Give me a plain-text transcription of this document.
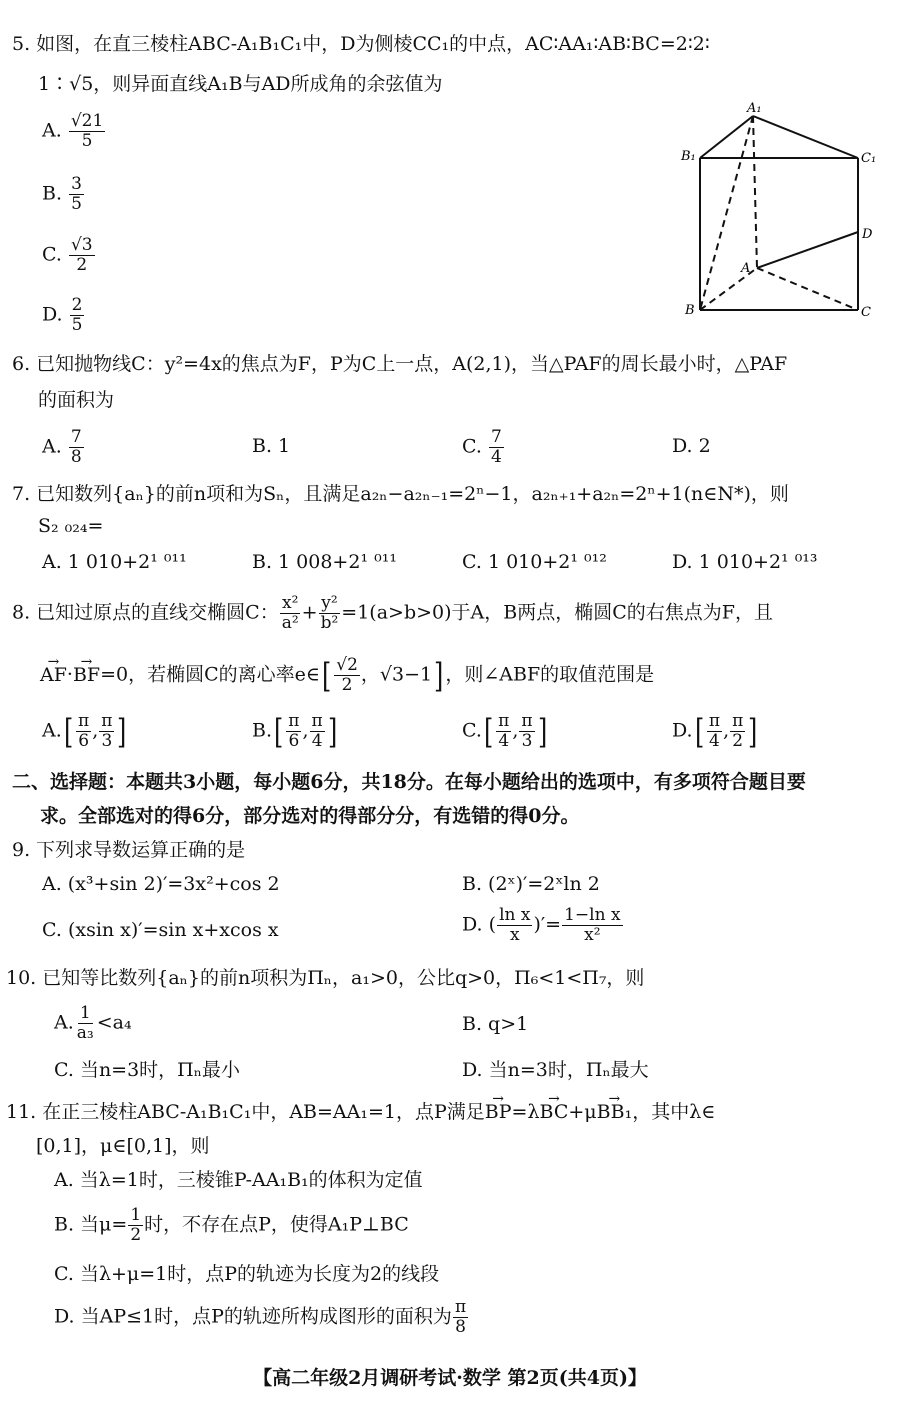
5. 如图，在直三棱柱ABC-A₁B₁C₁中，D为侧棱CC₁的中点，AC∶AA₁∶AB∶BC=2∶2∶
1∶√5，则异面直线A₁B与AD所成角的余弦值为
A. $\frac{√21}{5}$
B. $\frac{3}{5}$
C. $\frac{√3}{2}$
D. $\frac{2}{5}$
A₁
B₁	C₁
D
A
B	C
6. 已知抛物线C：y²=4x的焦点为F，P为C上一点，A(2,1)，当△PAF的周长最小时，△PAF
的面积为
A. $\frac{7}{8}$	B. 1	C. $\frac{7}{4}$	D. 2
7. 已知数列{aₙ}的前n项和为Sₙ，且满足a₂ₙ−a₂ₙ₋₁=2ⁿ−1，a₂ₙ₊₁+a₂ₙ=2ⁿ+1(n∈N*)，则
S₂ ₀₂₄=
A. 1 010+2¹ ⁰¹¹	B. 1 008+2¹ ⁰¹¹	C. 1 010+2¹ ⁰¹²	D. 1 010+2¹ ⁰¹³
8. 已知过原点的直线交椭圆C： $\frac{\text{x²}}{\text{a²}} + \frac{\text{y²}}{\text{b²}} =1(a>b>0)$于A，B两点，椭圆C的右焦点为F，且
→ AF·→ BF=0，若椭圆C的离心率e∈[ $\frac{√2}{2}$ ，√3−1] ，则∠ABF的取值范围是
$A.[ \frac{\pi}{6}$ , $\frac{\pi}{3}$ ]	$B.[ \frac{\pi}{6}$ , $\frac{\pi}{4}$ ]	$C.[ \frac{\pi}{4}$ , $\frac{\pi}{3}$ ]	$D.[ \frac{\pi}{4}$ , $\frac{\pi}{2}$ ]
二、选择题：本题共3小题，每小题6分，共18分。在每小题给出的选项中，有多项符合题目要
求。全部选对的得6分，部分选对的得部分分，有选错的得0分。
9. 下列求导数运算正确的是
A. (x³+sin 2)′=3x²+cos 2	B. (2ˣ)′=2ˣln 2
C. (xsin x)′=sin x+xcos x	D. ( $\frac{\text{ln x}}{x}$ )′= $\frac{\text{1−ln x}}{\text{x²}}$
10. 已知等比数列{aₙ}的前n项积为Πₙ，a₁>0，公比q>0，Π₆<1<Π₇，则
A. $\frac{1}{\text{a₃}} <a_4$	B. q>1
C. 当n=3时，Πₙ最小	D. 当n=3时，Πₙ最大
11. 在正三棱柱ABC-A₁B₁C₁中，AB=AA₁=1，点P满足→ BP=λ→ BC+μ→ BB₁，其中λ∈
[0,1]，μ∈[0,1]，则
A. 当λ=1时，三棱锥P-AA₁B₁的体积为定值
B. 当$\mu= \frac{1}{2}$ 时，不存在点P，使得A₁P⊥BC
C. 当λ+μ=1时，点P的轨迹为长度为2的线段
D. 当AP≤1时，点P的轨迹所构成图形的面积为 $\frac{\pi}{8}$
【高二年级2月调研考试·数学 第2页(共4页)】
